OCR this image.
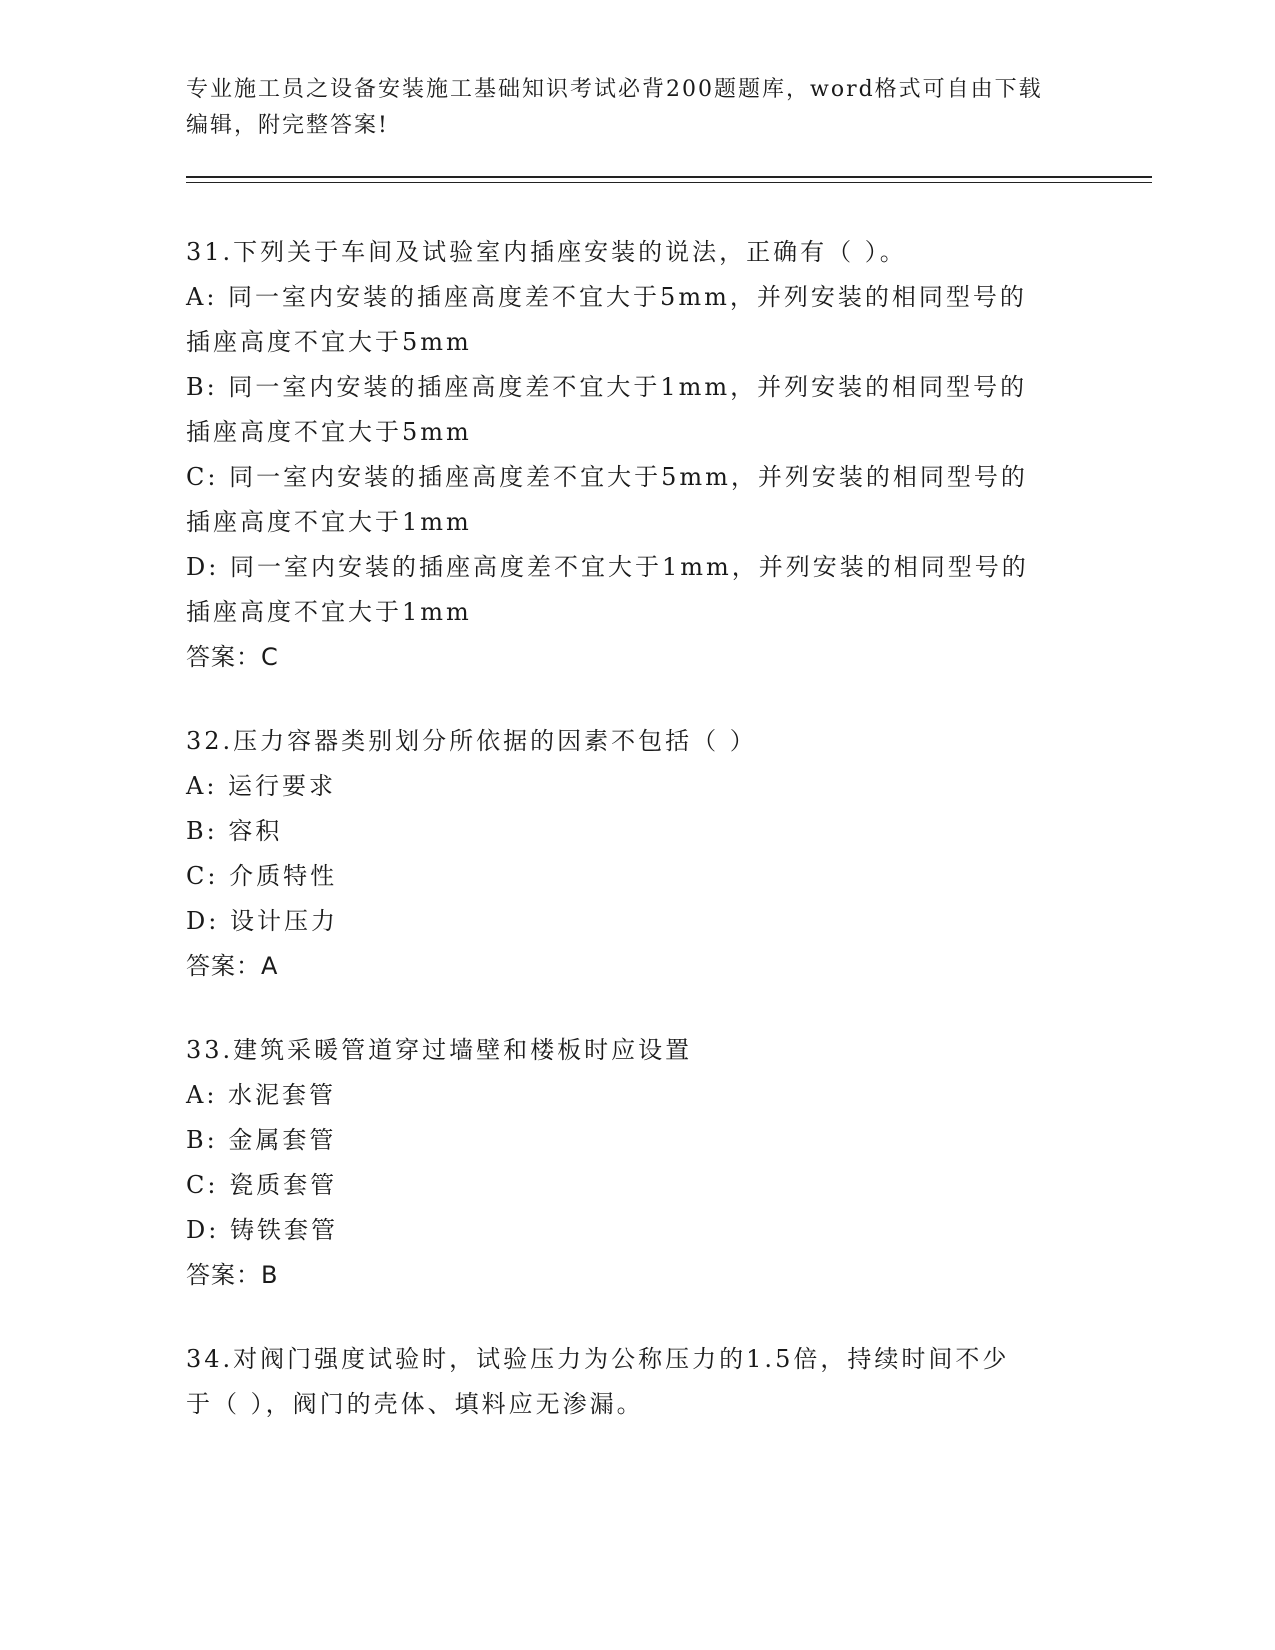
专业施工员之设备安装施工基础知识考试必背200题题库，word格式可自由下载
编辑，附完整答案!
31.下列关于车间及试验室内插座安装的说法，正确有（ ）。
A: 同一室内安装的插座高度差不宜大于5mm，并列安装的相同型号的
插座高度不宜大于5mm
B: 同一室内安装的插座高度差不宜大于1mm，并列安装的相同型号的
插座高度不宜大于5mm
C: 同一室内安装的插座高度差不宜大于5mm，并列安装的相同型号的
插座高度不宜大于1mm
D: 同一室内安装的插座高度差不宜大于1mm，并列安装的相同型号的
插座高度不宜大于1mm
答案：C
32.压力容器类别划分所依据的因素不包括（ ）
A: 运行要求
B: 容积
C: 介质特性
D: 设计压力
答案：A
33.建筑采暖管道穿过墙壁和楼板时应设置
A: 水泥套管
B: 金属套管
C: 瓷质套管
D: 铸铁套管
答案：B
34.对阀门强度试验时，试验压力为公称压力的1.5倍，持续时间不少
于（ ），阀门的壳体、填料应无渗漏。
